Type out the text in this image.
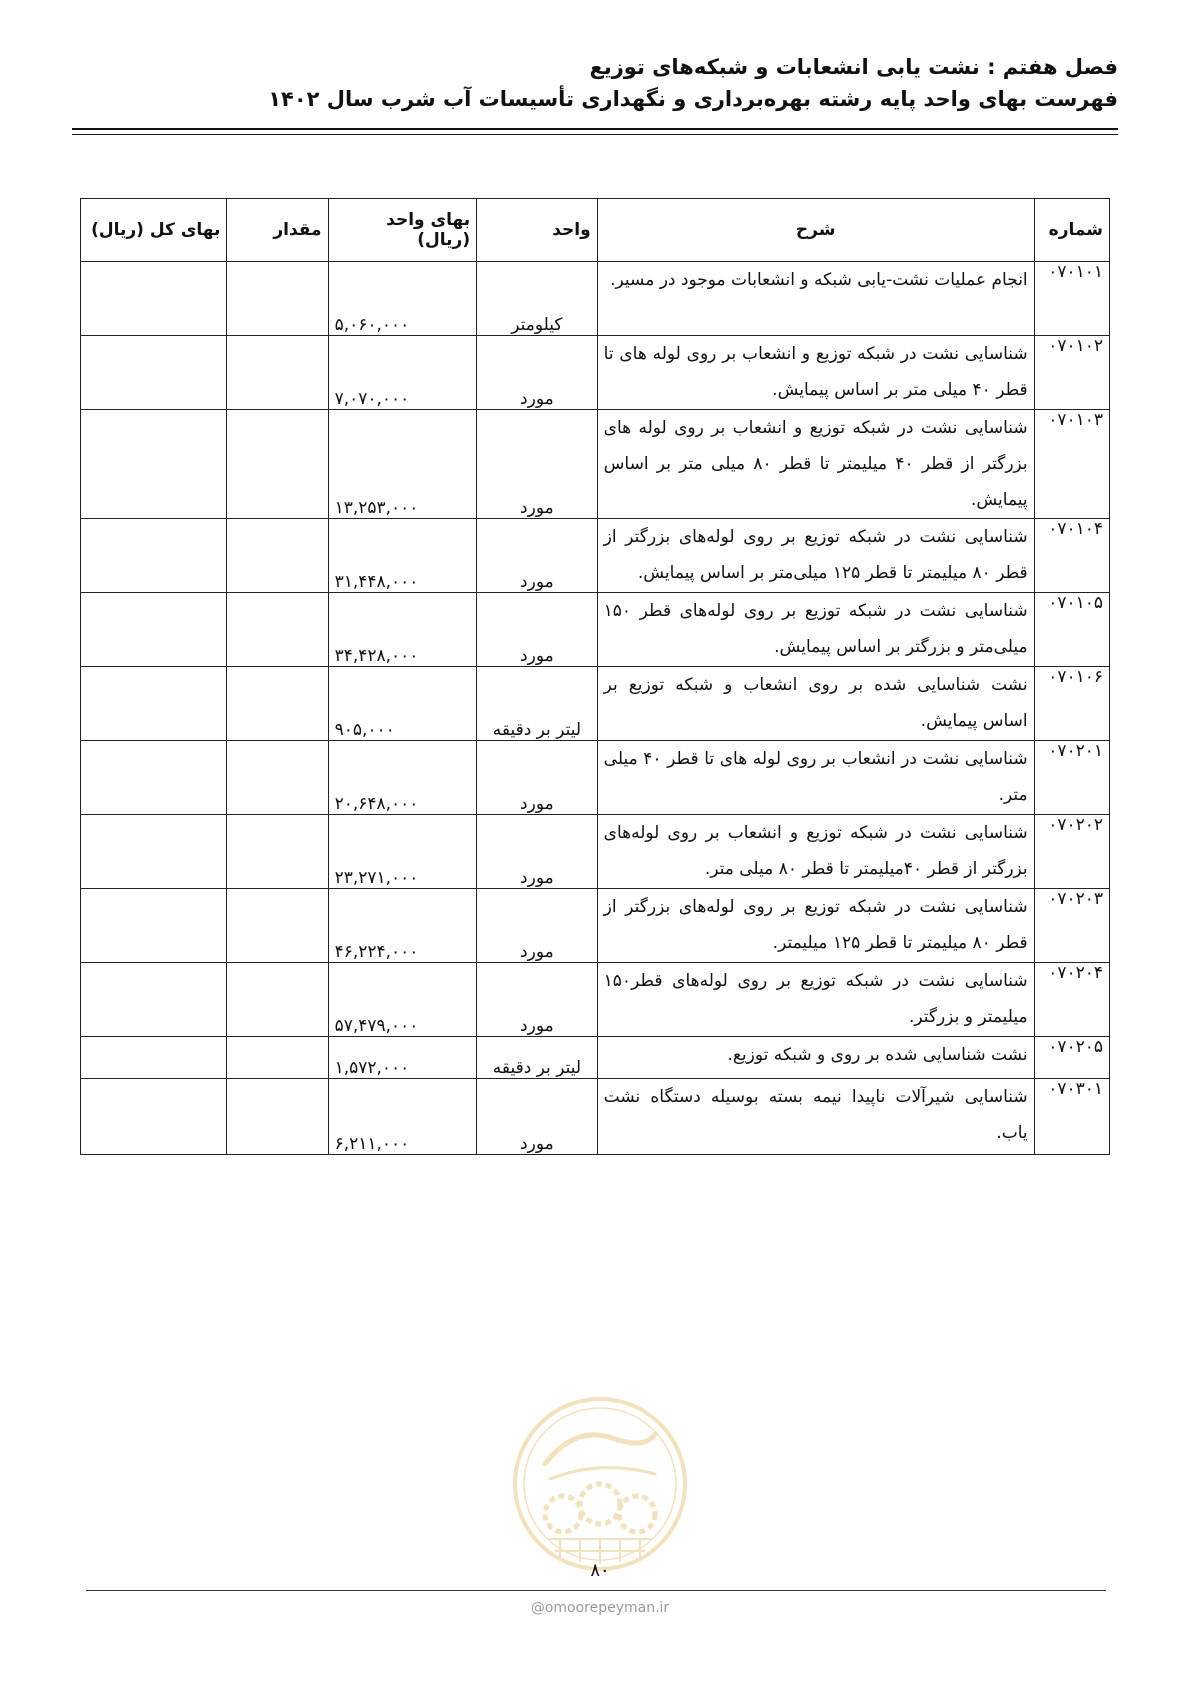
فصل هفتم : نشت یابی انشعابات و شبکه‌های توزیع
فهرست بهای واحد پایه رشته بهره‌برداری و نگهداری تأسیسات آب شرب سال ۱۴۰۲
شماره	شرح	واحد	بهای واحد (ریال)	مقدار	بهای کل (ریال)
۰۷۰۱۰۱	انجام عملیات نشت-یابی شبکه و انشعابات موجود در مسیر.	کیلومتر	۵,۰۶۰,۰۰۰		
۰۷۰۱۰۲	شناسایی نشت در شبکه توزیع و انشعاب بر روی لوله های تا قطر ۴۰ میلی متر بر اساس پیمایش.	مورد	۷,۰۷۰,۰۰۰		
۰۷۰۱۰۳	شناسایی نشت در شبکه توزیع و انشعاب بر روی لوله های بزرگتر از قطر ۴۰ میلیمتر تا قطر ۸۰ میلی متر بر اساس پیمایش.	مورد	۱۳,۲۵۳,۰۰۰		
۰۷۰۱۰۴	شناسایی نشت در شبکه توزیع بر روی لوله‌های بزرگتر از قطر ۸۰ میلیمتر تا قطر ۱۲۵ میلی‌متر بر اساس پیمایش.	مورد	۳۱,۴۴۸,۰۰۰		
۰۷۰۱۰۵	شناسایی نشت در شبکه توزیع بر روی لوله‌های قطر ۱۵۰ میلی‌متر و بزرگتر بر اساس پیمایش.	مورد	۳۴,۴۲۸,۰۰۰		
۰۷۰۱۰۶	نشت شناسایی شده بر روی انشعاب و شبکه توزیع بر اساس پیمایش.	لیتر بر دقیقه	۹۰۵,۰۰۰		
۰۷۰۲۰۱	شناسایی نشت در انشعاب بر روی لوله های تا قطر ۴۰ میلی متر.	مورد	۲۰,۶۴۸,۰۰۰		
۰۷۰۲۰۲	شناسایی نشت در شبکه توزیع و انشعاب بر روی لوله‌های بزرگتر از قطر ۴۰میلیمتر تا قطر ۸۰ میلی متر.	مورد	۲۳,۲۷۱,۰۰۰		
۰۷۰۲۰۳	شناسایی نشت در شبکه توزیع بر روی لوله‌های بزرگتر از قطر ۸۰ میلیمتر تا قطر ۱۲۵ میلیمتر.	مورد	۴۶,۲۲۴,۰۰۰		
۰۷۰۲۰۴	شناسایی نشت در شبکه توزیع بر روی لوله‌های قطر۱۵۰ میلیمتر و بزرگتر.	مورد	۵۷,۴۷۹,۰۰۰		
۰۷۰۲۰۵	نشت شناسایی شده بر روی و شبکه توزیع.	لیتر بر دقیقه	۱,۵۷۲,۰۰۰		
۰۷۰۳۰۱	شناسایی شیرآلات ناپیدا نیمه بسته بوسیله دستگاه نشت یاب.	مورد	۶,۲۱۱,۰۰۰		
۸۰
@omoorepeyman.ir
